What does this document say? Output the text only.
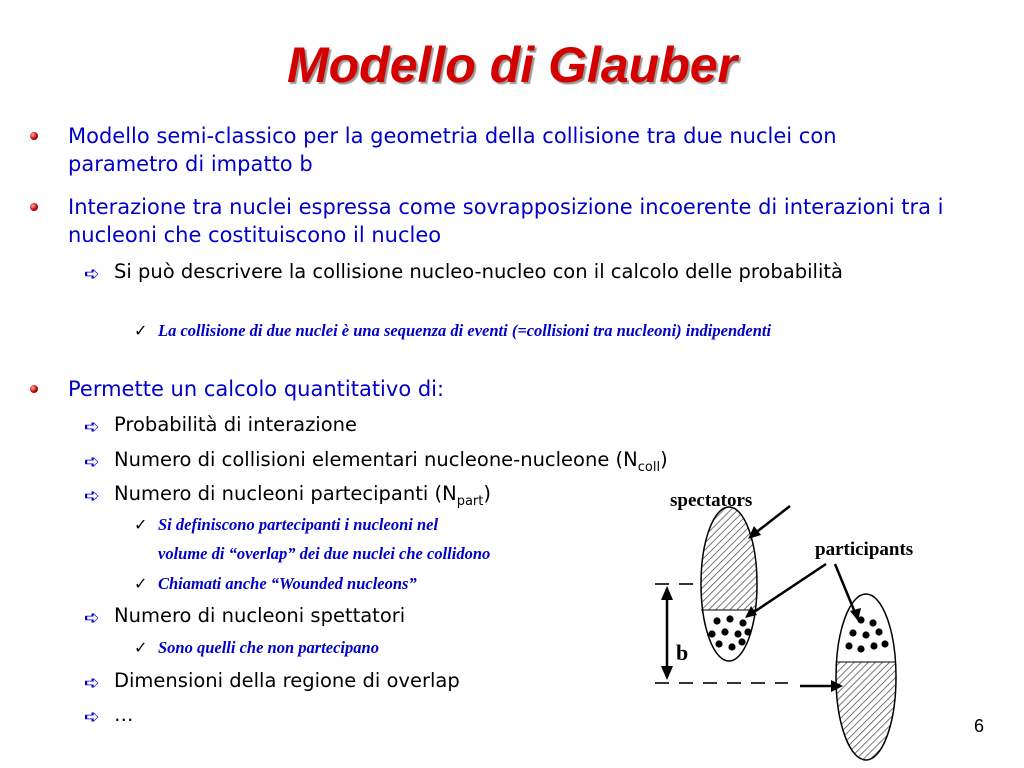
Modello di Glauber
Modello semi-classico per la geometria della collisione tra due nuclei con parametro di impatto b
Interazione tra nuclei espressa come sovrapposizione incoerente di interazioni tra i nucleoni che costituiscono il nucleo
➪ Si può descrivere la collisione nucleo-nucleo con il calcolo delle probabilità
✓ La collisione di due nuclei è una sequenza di eventi (=collisioni tra nucleoni) indipendenti
Permette un calcolo quantitativo di:
➪ Probabilità di interazione
➪ Numero di collisioni elementari nucleone-nucleone $(N_{coll})$
➪ Numero di nucleoni partecipanti $(N_{part})$
✓ Si definiscono partecipanti i nucleoni nel
volume di “overlap” dei due nuclei che collidono
✓ Chiamati anche “Wounded nucleons”
➪ Numero di nucleoni spettatori
✓ Sono quelli che non partecipano
➪ Dimensioni della regione di overlap
➪ …
spectators
participants
b
6
